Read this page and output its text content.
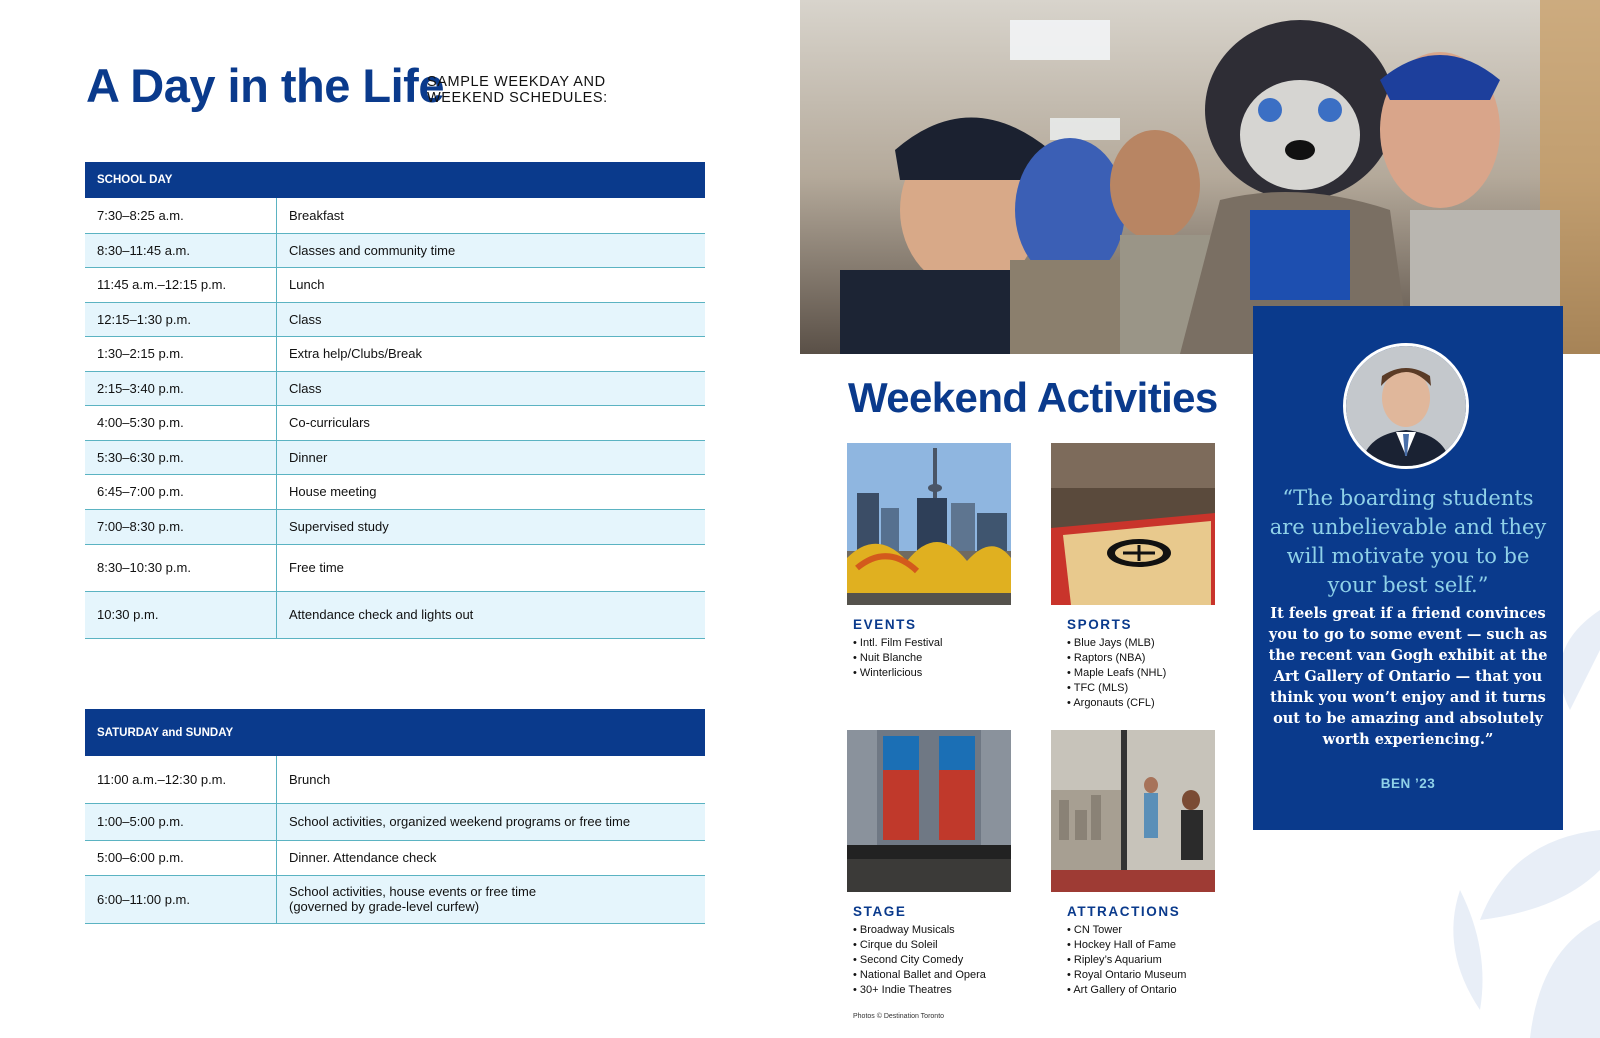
A Day in the Life
SAMPLE WEEKDAY AND WEEKEND SCHEDULES:
SCHOOL DAY	
7:30–8:25 a.m.	Breakfast
8:30–11:45 a.m.	Classes and community time
11:45 a.m.–12:15 p.m.	Lunch
12:15–1:30 p.m.	Class
1:30–2:15 p.m.	Extra help/Clubs/Break
2:15–3:40 p.m.	Class
4:00–5:30 p.m.	Co-curriculars
5:30–6:30 p.m.	Dinner
6:45–7:00 p.m.	House meeting
7:00–8:30 p.m.	Supervised study
8:30–10:30 p.m.	Free time
10:30 p.m.	Attendance check and lights out
SATURDAY and SUNDAY	
11:00 a.m.–12:30 p.m.	Brunch
1:00–5:00 p.m.	School activities, organized weekend programs or free time
5:00–6:00 p.m.	Dinner. Attendance check
6:00–11:00 p.m.	School activities, house events or free time
(governed by grade-level curfew)
Weekend Activities
EVENTS
• Intl. Film Festival
• Nuit Blanche
• Winterlicious
SPORTS
• Blue Jays (MLB)
• Raptors (NBA)
• Maple Leafs (NHL)
• TFC (MLS)
• Argonauts (CFL)
STAGE
• Broadway Musicals
• Cirque du Soleil
• Second City Comedy
• National Ballet and Opera
• 30+ Indie Theatres
ATTRACTIONS
• CN Tower
• Hockey Hall of Fame
• Ripley’s Aquarium
• Royal Ontario Museum
• Art Gallery of Ontario
Photos © Destination Toronto
“The boarding students are unbelievable and they will motivate you to be your best self.”
It feels great if a friend convinces you to go to some event — such as the recent van Gogh exhibit at the Art Gallery of Ontario — that you think you won’t enjoy and it turns out to be amazing and absolutely worth experiencing.”
BEN ’23
